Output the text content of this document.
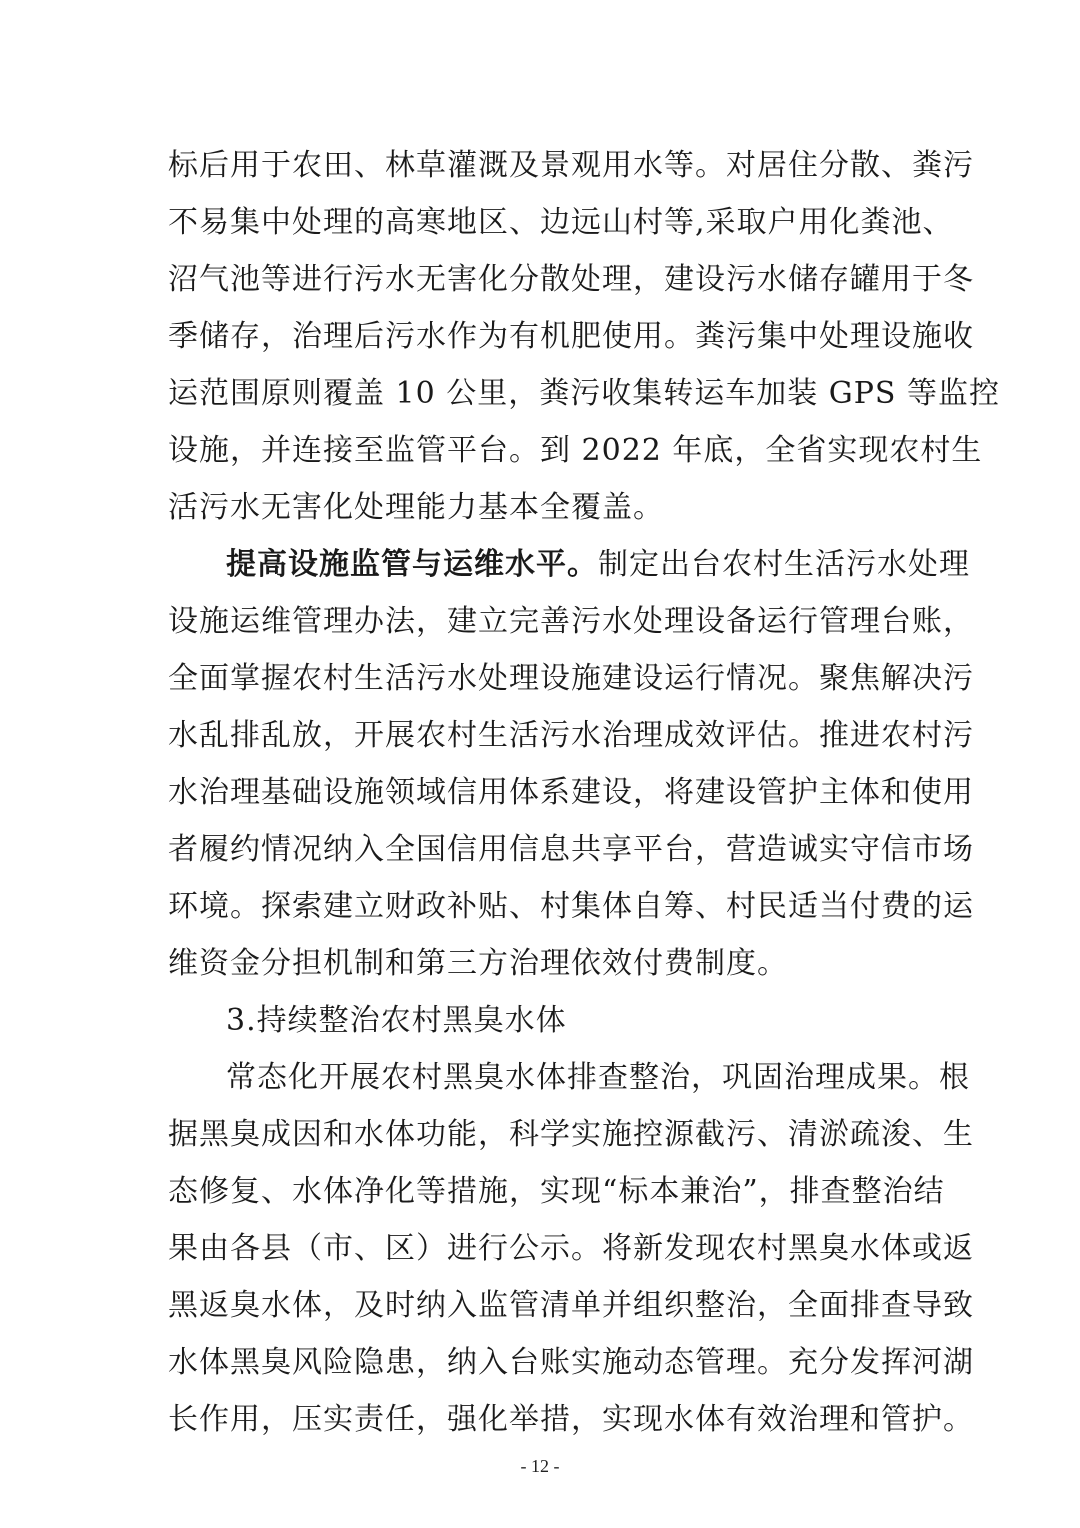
标后用于农田、林草灌溉及景观用水等。对居住分散、粪污
不易集中处理的高寒地区、边远山村等,采取户用化粪池、
沼气池等进行污水无害化分散处理，建设污水储存罐用于冬
季储存，治理后污水作为有机肥使用。粪污集中处理设施收
运范围原则覆盖 10 公里，粪污收集转运车加装 GPS 等监控
设施，并连接至监管平台。到 2022 年底，全省实现农村生
活污水无害化处理能力基本全覆盖。
提高设施监管与运维水平。制定出台农村生活污水处理
设施运维管理办法，建立完善污水处理设备运行管理台账，
全面掌握农村生活污水处理设施建设运行情况。聚焦解决污
水乱排乱放，开展农村生活污水治理成效评估。推进农村污
水治理基础设施领域信用体系建设，将建设管护主体和使用
者履约情况纳入全国信用信息共享平台，营造诚实守信市场
环境。探索建立财政补贴、村集体自筹、村民适当付费的运
维资金分担机制和第三方治理依效付费制度。
3.持续整治农村黑臭水体
常态化开展农村黑臭水体排查整治，巩固治理成果。根
据黑臭成因和水体功能，科学实施控源截污、清淤疏浚、生
态修复、水体净化等措施，实现“标本兼治”，排查整治结
果由各县（市、区）进行公示。将新发现农村黑臭水体或返
黑返臭水体，及时纳入监管清单并组织整治，全面排查导致
水体黑臭风险隐患，纳入台账实施动态管理。充分发挥河湖
长作用，压实责任，强化举措，实现水体有效治理和管护。
- 12 -
